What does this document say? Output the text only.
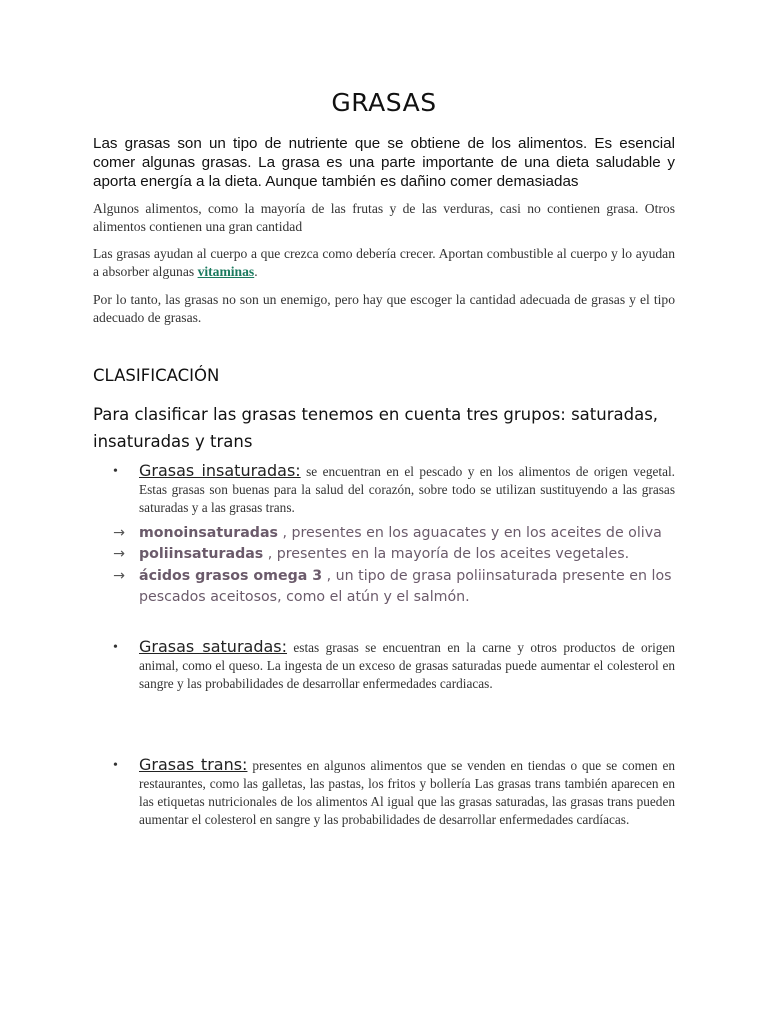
GRASAS

Las grasas son un tipo de nutriente que se obtiene de los alimentos. Es esencial comer algunas grasas. La grasa es una parte importante de una dieta saludable y aporta energía a la dieta. Aunque también es dañino comer demasiadas

Algunos alimentos, como la mayoría de las frutas y de las verduras, casi no contienen grasa. Otros alimentos contienen una gran cantidad

Las grasas ayudan al cuerpo a que crezca como debería crecer. Aportan combustible al cuerpo y lo ayudan a absorber algunas vitaminas.

Por lo tanto, las grasas no son un enemigo, pero hay que escoger la cantidad adecuada de grasas y el tipo adecuado de grasas.

CLASIFICACIÓN
Para clasificar las grasas tenemos en cuenta tres grupos: saturadas, insaturadas y trans
• Grasas insaturadas: se encuentran en el pescado y en los alimentos de origen vegetal. Estas grasas son buenas para la salud del corazón, sobre todo se utilizan sustituyendo a las grasas saturadas y a las grasas trans.
→ monoinsaturadas , presentes en los aguacates y en los aceites de oliva
→ poliinsaturadas , presentes en la mayoría de los aceites vegetales.
→ ácidos grasos omega 3 , un tipo de grasa poliinsaturada presente en los pescados aceitosos, como el atún y el salmón.
• Grasas saturadas: estas grasas se encuentran en la carne y otros productos de origen animal, como el queso. La ingesta de un exceso de grasas saturadas puede aumentar el colesterol en sangre y las probabilidades de desarrollar enfermedades cardiacas.
• Grasas trans: presentes en algunos alimentos que se venden en tiendas o que se comen en restaurantes, como las galletas, las pastas, los fritos y bollería Las grasas trans también aparecen en las etiquetas nutricionales de los alimentos Al igual que las grasas saturadas, las grasas trans pueden aumentar el colesterol en sangre y las probabilidades de desarrollar enfermedades cardíacas.
